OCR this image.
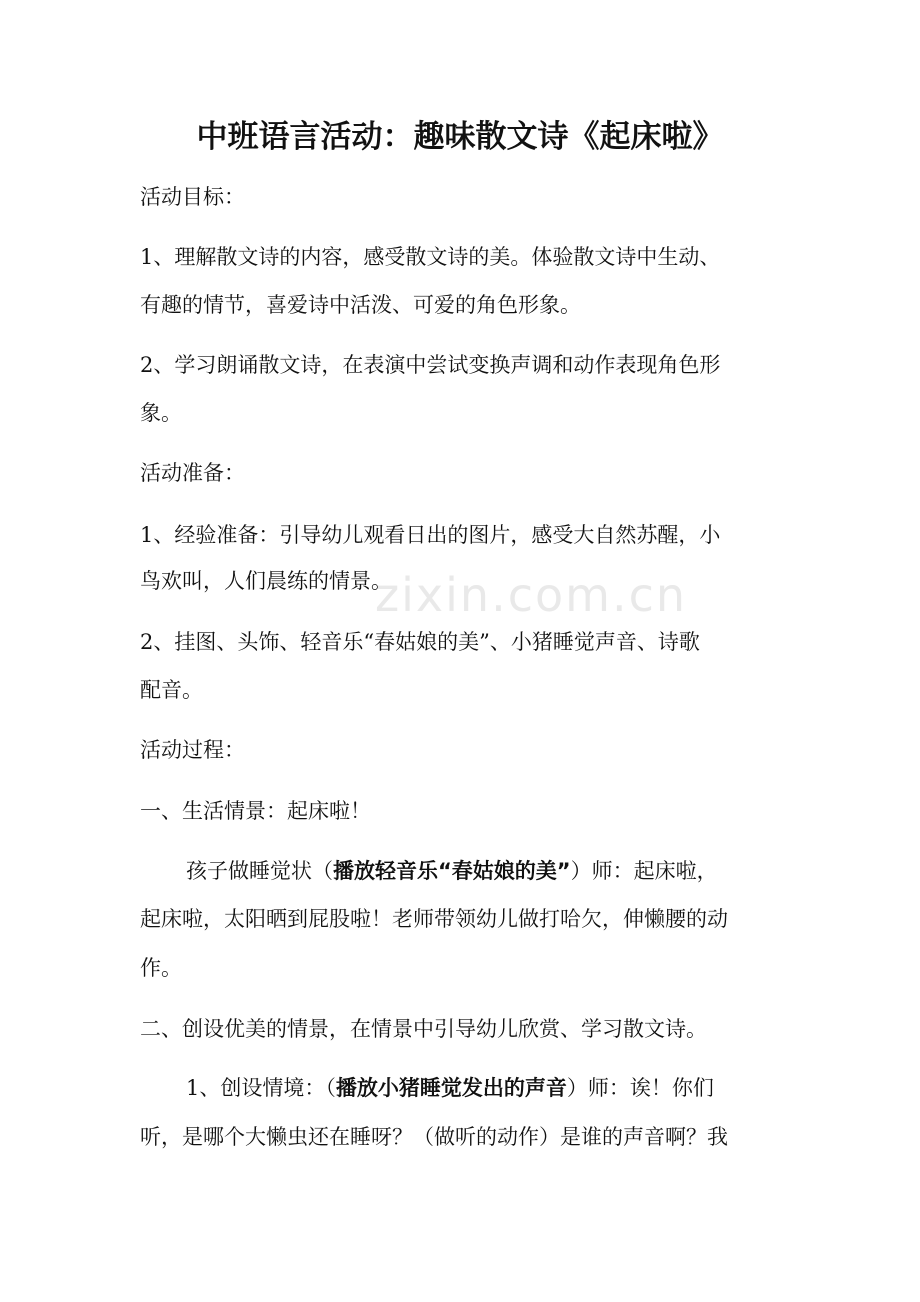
zixin.com.cn
中班语言活动：趣味散文诗《起床啦》

活动目标：

1、理解散文诗的内容，感受散文诗的美。体验散文诗中生动、

有趣的情节，喜爱诗中活泼、可爱的角色形象。

2、学习朗诵散文诗，在表演中尝试变换声调和动作表现角色形

象。

活动准备：

1、经验准备：引导幼儿观看日出的图片，感受大自然苏醒，小

鸟欢叫，人们晨练的情景。

2、挂图、头饰、轻音乐“春姑娘的美”、小猪睡觉声音、诗歌

配音。

活动过程：

一、生活情景：起床啦！

孩子做睡觉状（播放轻音乐“春姑娘的美”）师：起床啦，

起床啦，太阳晒到屁股啦！老师带领幼儿做打哈欠，伸懒腰的动

作。

二、创设优美的情景，在情景中引导幼儿欣赏、学习散文诗。

1、创设情境：（播放小猪睡觉发出的声音）师：诶！你们

听，是哪个大懒虫还在睡呀？（做听的动作）是谁的声音啊？我
